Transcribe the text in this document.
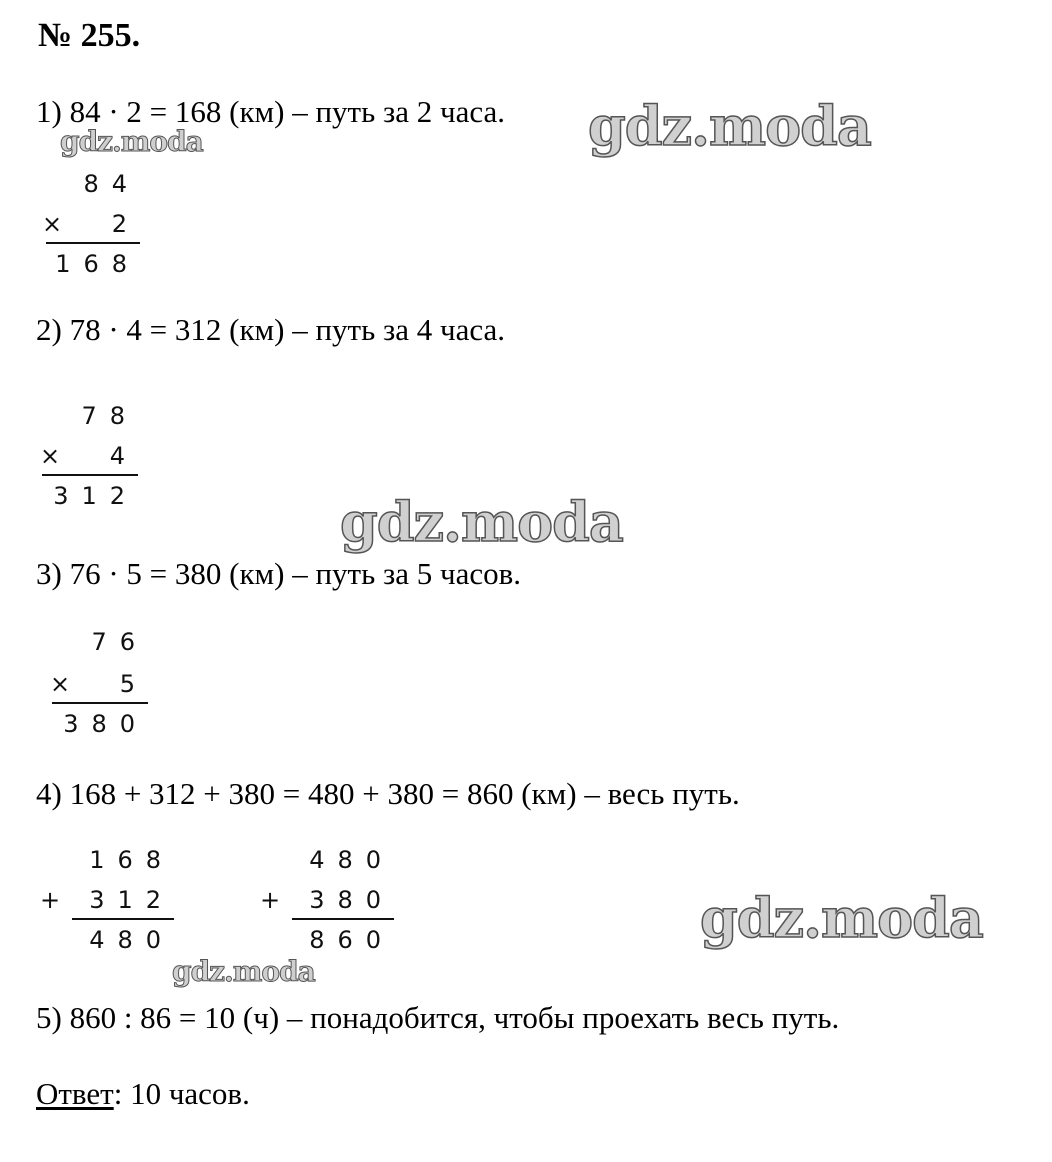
№ 255.
1) 84 · 2 = 168 (км) – путь за 2 часа.
84
× 2
168
2) 78 · 4 = 312 (км) – путь за 4 часа.
78
× 4
312
3) 76 · 5 = 380 (км) – путь за 5 часов.
76
× 5
380
4) 168 + 312 + 380 = 480 + 380 = 860 (км) – весь путь.
168
+ 312
480
480
+ 380
860
5) 860 : 86 = 10 (ч) – понадобится, чтобы проехать весь путь.
Ответ: 10 часов.
gdz.moda
gdz.moda
gdz.moda
gdz.moda
gdz.moda
